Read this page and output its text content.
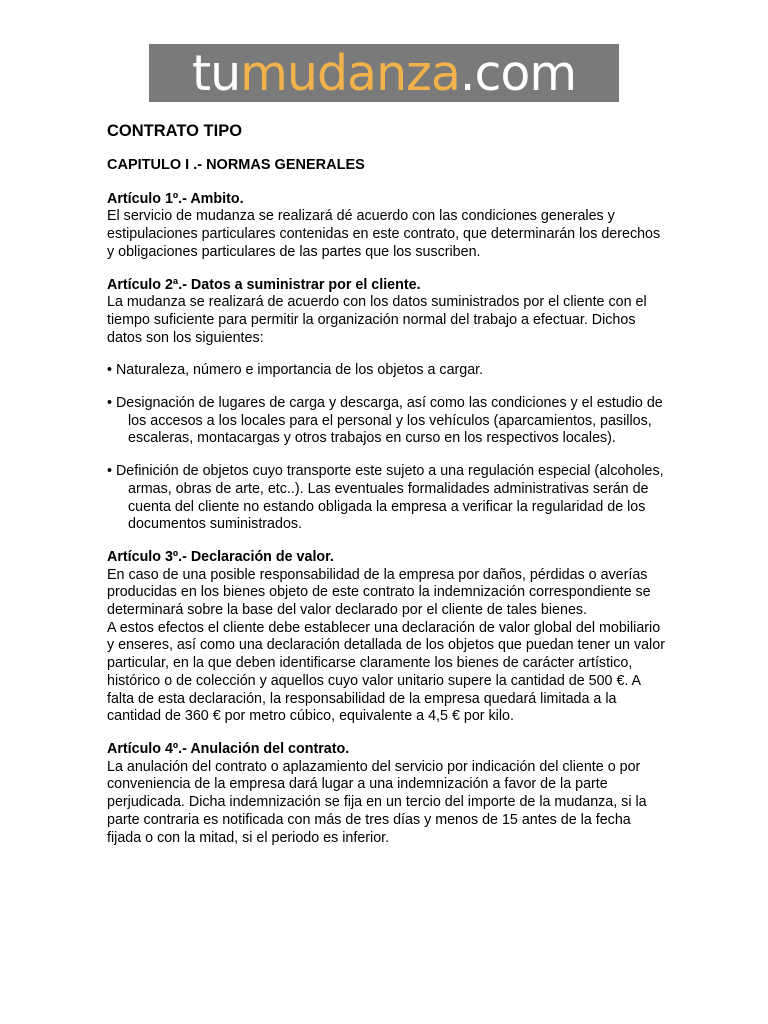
tumudanza.com
CONTRATO TIPO
CAPITULO I .- NORMAS GENERALES
Artículo 1º.- Ambito.

El servicio de mudanza se realizará dé acuerdo con las condiciones generales y estipulaciones particulares contenidas en este contrato, que determinarán los derechos y obligaciones particulares de las partes que los suscriben.

Artículo 2ª.- Datos a suministrar por el cliente.

La mudanza se realizará de acuerdo con los datos suministrados por el cliente con el tiempo suficiente para permitir la organización normal del trabajo a efectuar. Dichos datos son los siguientes:

• Naturaleza, número e importancia de los objetos a cargar.

• Designación de lugares de carga y descarga, así como las condiciones y el estudio de los accesos a los locales para el personal y los vehículos (aparcamientos, pasillos, escaleras, montacargas y otros trabajos en curso en los respectivos locales).

• Definición de objetos cuyo transporte este sujeto a una regulación especial (alcoholes, armas, obras de arte, etc..). Las eventuales formalidades administrativas serán de cuenta del cliente no estando obligada la empresa a verificar la regularidad de los documentos suministrados.

Artículo 3º.- Declaración de valor.

En caso de una posible responsabilidad de la empresa por daños, pérdidas o averías producidas en los bienes objeto de este contrato la indemnización correspondiente se determinará sobre la base del valor declarado por el cliente de tales bienes.

A estos efectos el cliente debe establecer una declaración de valor global del mobiliario y enseres, así como una declaración detallada de los objetos que puedan tener un valor particular, en la que deben identificarse claramente los bienes de carácter artístico, histórico o de colección y aquellos cuyo valor unitario supere la cantidad de 500 €. A falta de esta declaración, la responsabilidad de la empresa quedará limitada a la cantidad de 360 € por metro cúbico, equivalente a 4,5 € por kilo.

Artículo 4º.- Anulación del contrato.

La anulación del contrato o aplazamiento del servicio por indicación del cliente o por conveniencia de la empresa dará lugar a una indemnización a favor de la parte perjudicada. Dicha indemnización se fija en un tercio del importe de la mudanza, si la parte contraria es notificada con más de tres días y menos de 15 antes de la fecha fijada o con la mitad, si el periodo es inferior.
